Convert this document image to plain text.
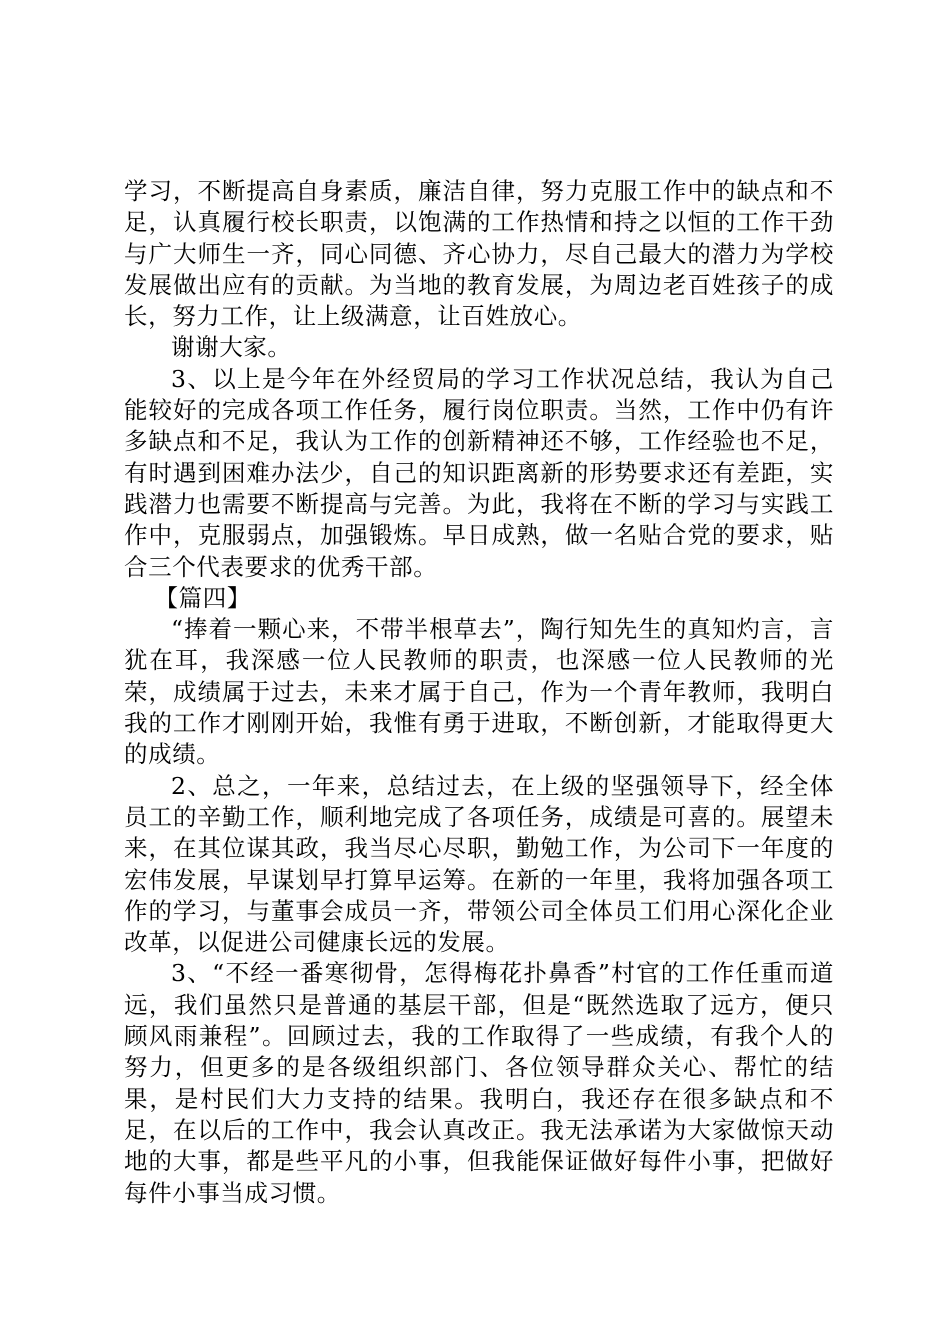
学习，不断提高自身素质，廉洁自律，努力克服工作中的缺点和不足，认真履行校长职责，以饱满的工作热情和持之以恒的工作干劲与广大师生一齐，同心同德、齐心协力，尽自己最大的潜力为学校发展做出应有的贡献。为当地的教育发展，为周边老百姓孩子的成长，努力工作，让上级满意，让百姓放心。

谢谢大家。

3、以上是今年在外经贸局的学习工作状况总结，我认为自己能较好的完成各项工作任务，履行岗位职责。当然，工作中仍有许多缺点和不足，我认为工作的创新精神还不够，工作经验也不足，有时遇到困难办法少，自己的知识距离新的形势要求还有差距，实践潜力也需要不断提高与完善。为此，我将在不断的学习与实践工作中，克服弱点，加强锻炼。早日成熟，做一名贴合党的要求，贴合三个代表要求的优秀干部。

【篇四】

“捧着一颗心来，不带半根草去”，陶行知先生的真知灼言，言犹在耳，我深感一位人民教师的职责，也深感一位人民教师的光荣，成绩属于过去，未来才属于自己，作为一个青年教师，我明白我的工作才刚刚开始，我惟有勇于进取，不断创新，才能取得更大的成绩。

2、总之，一年来，总结过去，在上级的坚强领导下，经全体员工的辛勤工作，顺利地完成了各项任务，成绩是可喜的。展望未来，在其位谋其政，我当尽心尽职，勤勉工作，为公司下一年度的宏伟发展，早谋划早打算早运筹。在新的一年里，我将加强各项工作的学习，与董事会成员一齐，带领公司全体员工们用心深化企业改革，以促进公司健康长远的发展。

3、“不经一番寒彻骨，怎得梅花扑鼻香”村官的工作任重而道远，我们虽然只是普通的基层干部，但是“既然选取了远方，便只顾风雨兼程”。回顾过去，我的工作取得了一些成绩，有我个人的努力，但更多的是各级组织部门、各位领导群众关心、帮忙的结果，是村民们大力支持的结果。我明白，我还存在很多缺点和不足，在以后的工作中，我会认真改正。我无法承诺为大家做惊天动地的大事，都是些平凡的小事，但我能保证做好每件小事，把做好每件小事当成习惯。
